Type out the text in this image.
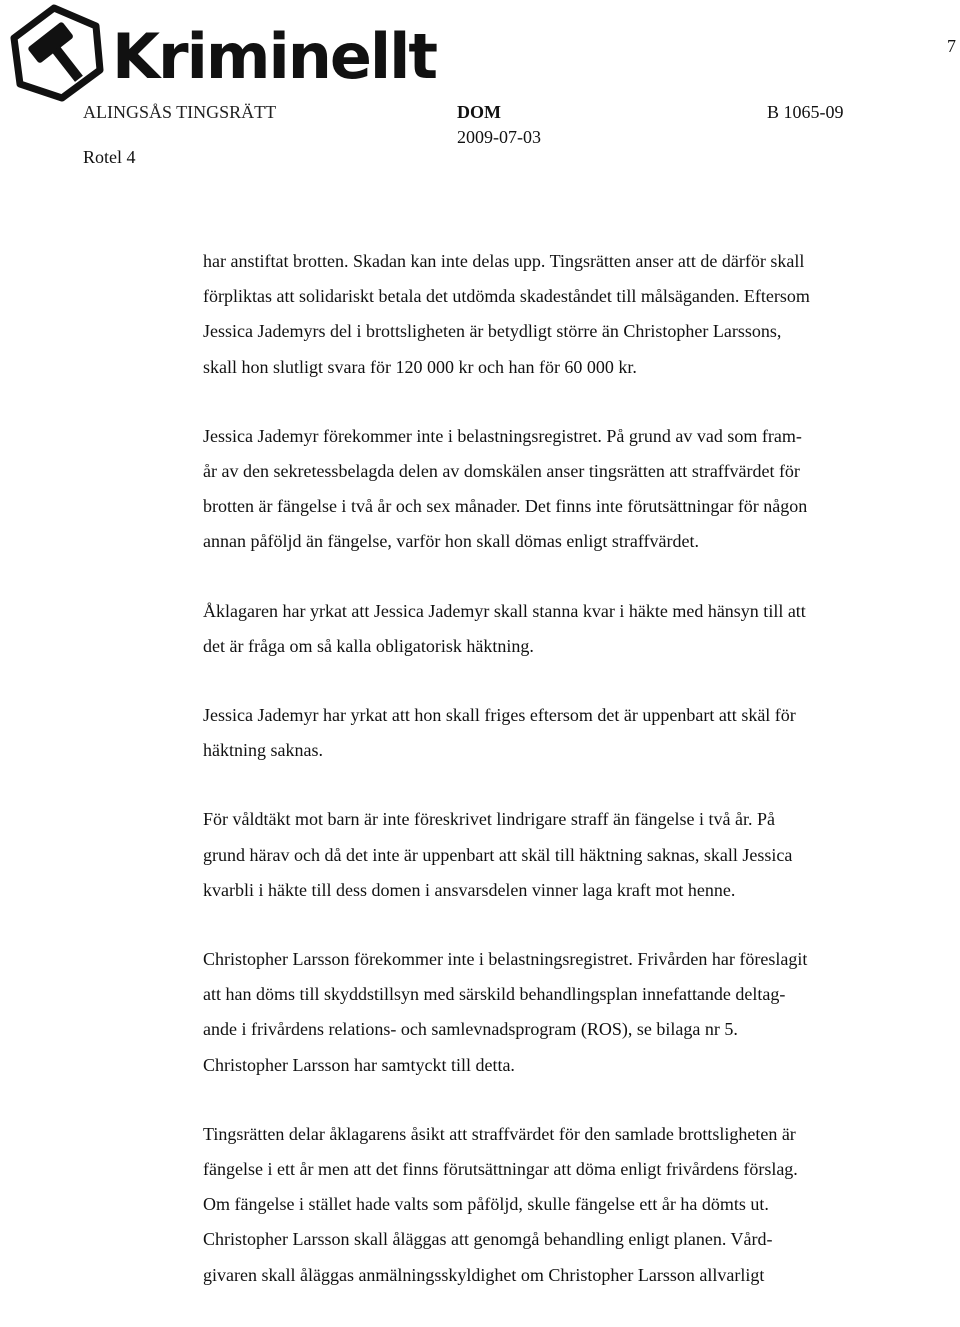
Kriminellt	7
ALINGSÅS TINGSRÄTT	DOM	B 1065-09
2009-07-03
Rotel 4

har anstiftat brotten. Skadan kan inte delas upp. Tingsrätten anser att de därför skall
förpliktas att solidariskt betala det utdömda skadeståndet till målsäganden. Eftersom
Jessica Jademyrs del i brottsligheten är betydligt större än Christopher Larssons,
skall hon slutligt svara för 120 000 kr och han för 60 000 kr.

Jessica Jademyr förekommer inte i belastningsregistret. På grund av vad som fram-
år av den sekretessbelagda delen av domskälen anser tingsrätten att straffvärdet för
brotten är fängelse i två år och sex månader. Det finns inte förutsättningar för någon
annan påföljd än fängelse, varför hon skall dömas enligt straffvärdet.

Åklagaren har yrkat att Jessica Jademyr skall stanna kvar i häkte med hänsyn till att
det är fråga om så kalla obligatorisk häktning.

Jessica Jademyr har yrkat att hon skall friges eftersom det är uppenbart att skäl för
häktning saknas.

För våldtäkt mot barn är inte föreskrivet lindrigare straff än fängelse i två år. På
grund härav och då det inte är uppenbart att skäl till häktning saknas, skall Jessica
kvarbli i häkte till dess domen i ansvarsdelen vinner laga kraft mot henne.

Christopher Larsson förekommer inte i belastningsregistret. Frivården har föreslagit
att han döms till skyddstillsyn med särskild behandlingsplan innefattande deltag-
ande i frivårdens relations- och samlevnadsprogram (ROS), se bilaga nr 5.
Christopher Larsson har samtyckt till detta.

Tingsrätten delar åklagarens åsikt att straffvärdet för den samlade brottsligheten är
fängelse i ett år men att det finns förutsättningar att döma enligt frivårdens förslag.
Om fängelse i stället hade valts som påföljd, skulle fängelse ett år ha dömts ut.
Christopher Larsson skall åläggas att genomgå behandling enligt planen. Vård-
givaren skall åläggas anmälningsskyldighet om Christopher Larsson allvarligt
